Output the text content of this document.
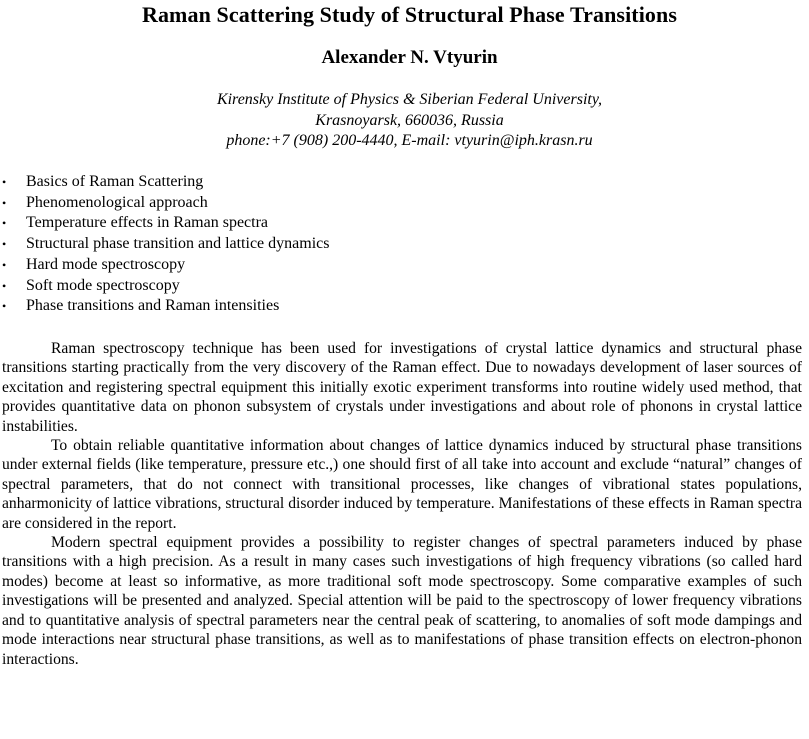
Raman Scattering Study of Structural Phase Transitions
Alexander N. Vtyurin
Kirensky Institute of Physics & Siberian Federal University,
Krasnoyarsk, 660036, Russia
phone:+7 (908) 200-4440, E-mail: vtyurin@iph.krasn.ru
• Basics of Raman Scattering
• Phenomenological approach
• Temperature effects in Raman spectra
• Structural phase transition and lattice dynamics
• Hard mode spectroscopy
• Soft mode spectroscopy
• Phase transitions and Raman intensities

Raman spectroscopy technique has been used for investigations of crystal lattice dynamics and structural phase transitions starting practically from the very discovery of the Raman effect. Due to nowadays development of laser sources of excitation and registering spectral equipment this initially exotic experiment transforms into routine widely used method, that provides quantitative data on phonon subsystem of crystals under investigations and about role of phonons in crystal lattice instabilities.

To obtain reliable quantitative information about changes of lattice dynamics induced by structural phase transitions under external fields (like temperature, pressure etc.,) one should first of all take into account and exclude “natural” changes of spectral parameters, that do not connect with transitional processes, like changes of vibrational states populations, anharmonicity of lattice vibrations, structural disorder induced by temperature. Manifestations of these effects in Raman spectra are considered in the report.

Modern spectral equipment provides a possibility to register changes of spectral parameters induced by phase transitions with a high precision. As a result in many cases such investigations of high frequency vibrations (so called hard modes) become at least so informative, as more traditional soft mode spectroscopy. Some comparative examples of such investigations will be presented and analyzed. Special attention will be paid to the spectroscopy of lower frequency vibrations and to quantitative analysis of spectral parameters near the central peak of scattering, to anomalies of soft mode dampings and mode interactions near structural phase transitions, as well as to manifestations of phase transition effects on electron-phonon interactions.
